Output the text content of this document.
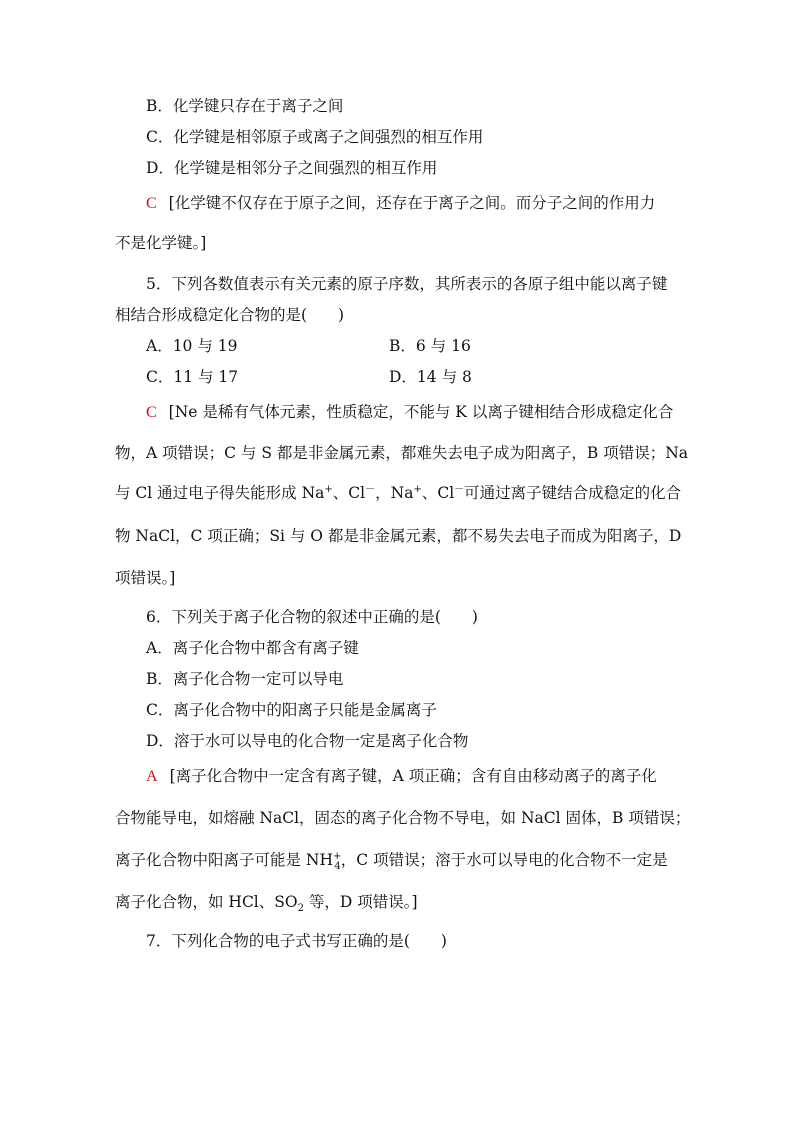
B．化学键只存在于离子之间
C．化学键是相邻原子或离子之间强烈的相互作用
D．化学键是相邻分子之间强烈的相互作用
C [化学键不仅存在于原子之间，还存在于离子之间。而分子之间的作用力
不是化学键。]
5．下列各数值表示有关元素的原子序数，其所表示的各原子组中能以离子键
相结合形成稳定化合物的是(　　)
A．10 与 19	B．6 与 16
C．11 与 17	D．14 与 8
C [Ne 是稀有气体元素，性质稳定，不能与 K 以离子键相结合形成稳定化合
物，A 项错误；C 与 S 都是非金属元素，都难失去电子成为阳离子，B 项错误；Na
与 Cl 通过电子得失能形成 Na+、Cl－，Na+、Cl－可通过离子键结合成稳定的化合
物 NaCl，C 项正确；Si 与 O 都是非金属元素，都不易失去电子而成为阳离子，D
项错误。]
6．下列关于离子化合物的叙述中正确的是(　　)
A．离子化合物中都含有离子键
B．离子化合物一定可以导电
C．离子化合物中的阳离子只能是金属离子
D．溶于水可以导电的化合物一定是离子化合物
A [离子化合物中一定含有离子键，A 项正确；含有自由移动离子的离子化
合物能导电，如熔融 NaCl，固态的离子化合物不导电，如 NaCl 固体，B 项错误；
离子化合物中阳离子可能是 $NH^+_4$，C 项错误；溶于水可以导电的化合物不一定是
离子化合物，如 HCl、$SO_2$ 等，D 项错误。]
7．下列化合物的电子式书写正确的是(　　)
